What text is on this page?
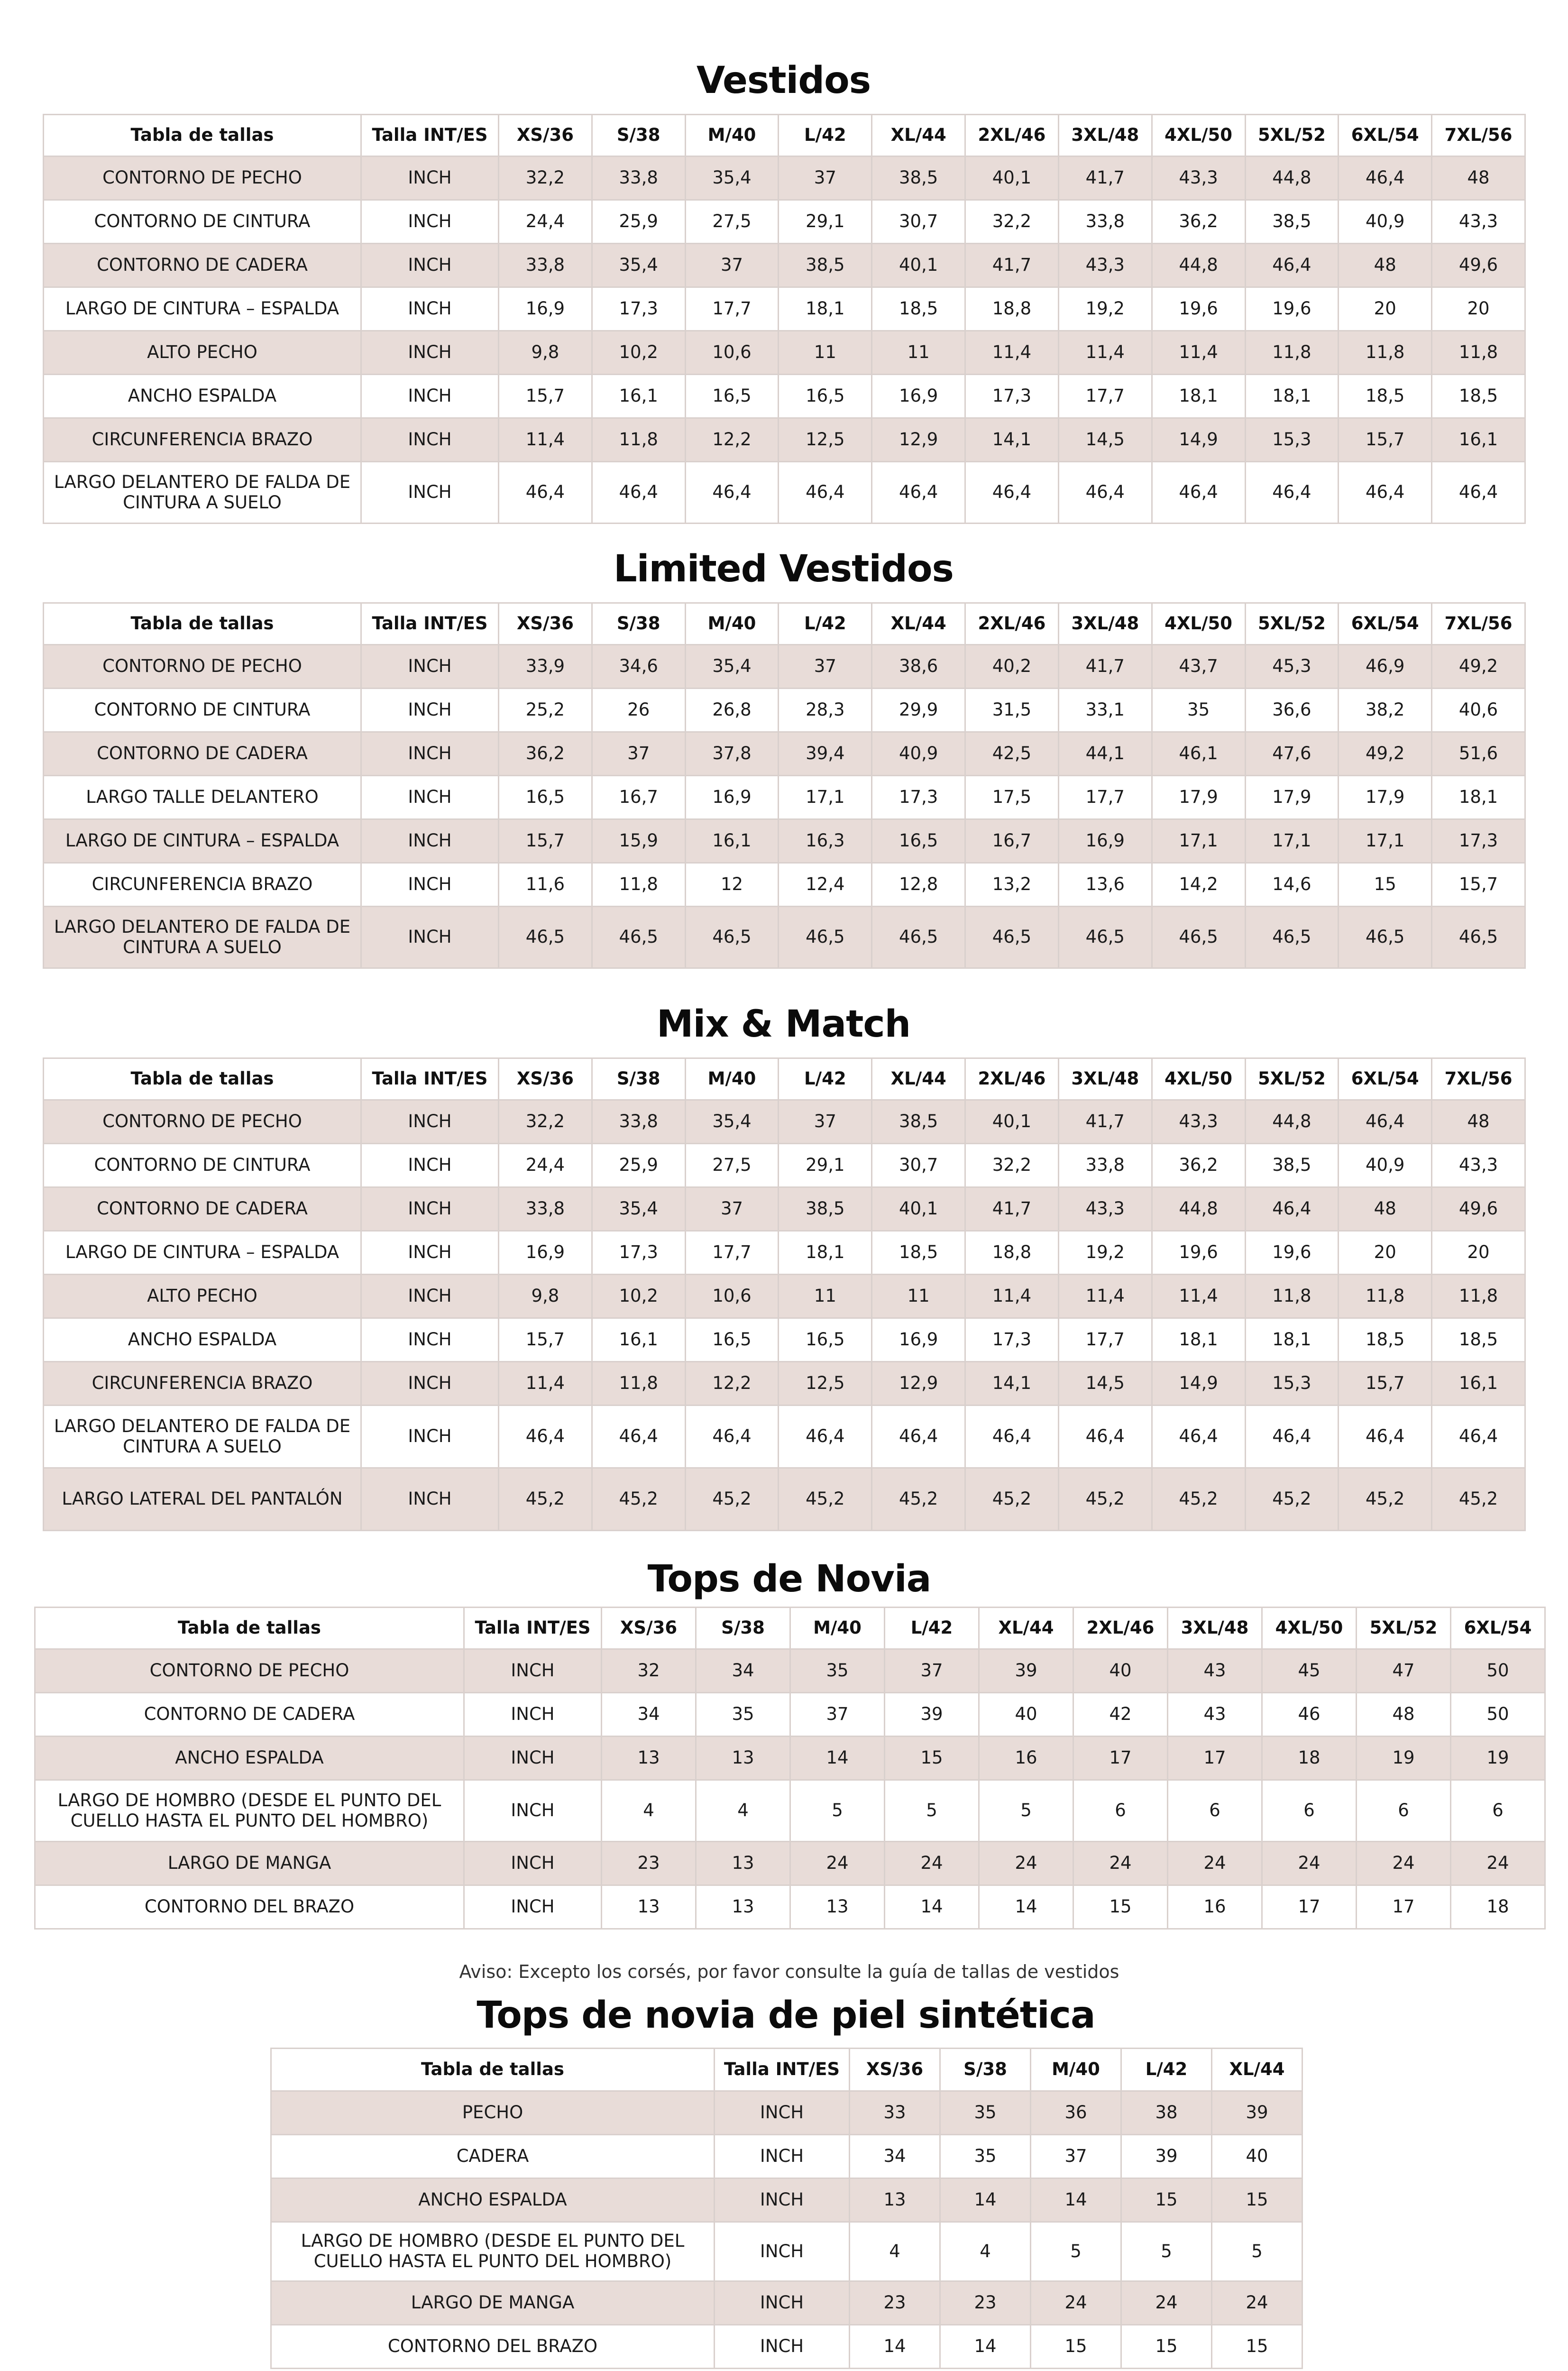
Vestidos
Tabla de tallas	Talla INT/ES	XS/36	S/38	M/40	L/42	XL/44	2XL/46	3XL/48	4XL/50	5XL/52	6XL/54	7XL/56
CONTORNO DE PECHO	INCH	32,2	33,8	35,4	37	38,5	40,1	41,7	43,3	44,8	46,4	48
CONTORNO DE CINTURA	INCH	24,4	25,9	27,5	29,1	30,7	32,2	33,8	36,2	38,5	40,9	43,3
CONTORNO DE CADERA	INCH	33,8	35,4	37	38,5	40,1	41,7	43,3	44,8	46,4	48	49,6
LARGO DE CINTURA – ESPALDA	INCH	16,9	17,3	17,7	18,1	18,5	18,8	19,2	19,6	19,6	20	20
ALTO PECHO	INCH	9,8	10,2	10,6	11	11	11,4	11,4	11,4	11,8	11,8	11,8
ANCHO ESPALDA	INCH	15,7	16,1	16,5	16,5	16,9	17,3	17,7	18,1	18,1	18,5	18,5
CIRCUNFERENCIA BRAZO	INCH	11,4	11,8	12,2	12,5	12,9	14,1	14,5	14,9	15,3	15,7	16,1
LARGO DELANTERO DE FALDA DE CINTURA A SUELO	INCH	46,4	46,4	46,4	46,4	46,4	46,4	46,4	46,4	46,4	46,4	46,4
Limited Vestidos
Tabla de tallas	Talla INT/ES	XS/36	S/38	M/40	L/42	XL/44	2XL/46	3XL/48	4XL/50	5XL/52	6XL/54	7XL/56
CONTORNO DE PECHO	INCH	33,9	34,6	35,4	37	38,6	40,2	41,7	43,7	45,3	46,9	49,2
CONTORNO DE CINTURA	INCH	25,2	26	26,8	28,3	29,9	31,5	33,1	35	36,6	38,2	40,6
CONTORNO DE CADERA	INCH	36,2	37	37,8	39,4	40,9	42,5	44,1	46,1	47,6	49,2	51,6
LARGO TALLE DELANTERO	INCH	16,5	16,7	16,9	17,1	17,3	17,5	17,7	17,9	17,9	17,9	18,1
LARGO DE CINTURA – ESPALDA	INCH	15,7	15,9	16,1	16,3	16,5	16,7	16,9	17,1	17,1	17,1	17,3
CIRCUNFERENCIA BRAZO	INCH	11,6	11,8	12	12,4	12,8	13,2	13,6	14,2	14,6	15	15,7
LARGO DELANTERO DE FALDA DE CINTURA A SUELO	INCH	46,5	46,5	46,5	46,5	46,5	46,5	46,5	46,5	46,5	46,5	46,5
Mix & Match
Tabla de tallas	Talla INT/ES	XS/36	S/38	M/40	L/42	XL/44	2XL/46	3XL/48	4XL/50	5XL/52	6XL/54	7XL/56
CONTORNO DE PECHO	INCH	32,2	33,8	35,4	37	38,5	40,1	41,7	43,3	44,8	46,4	48
CONTORNO DE CINTURA	INCH	24,4	25,9	27,5	29,1	30,7	32,2	33,8	36,2	38,5	40,9	43,3
CONTORNO DE CADERA	INCH	33,8	35,4	37	38,5	40,1	41,7	43,3	44,8	46,4	48	49,6
LARGO DE CINTURA – ESPALDA	INCH	16,9	17,3	17,7	18,1	18,5	18,8	19,2	19,6	19,6	20	20
ALTO PECHO	INCH	9,8	10,2	10,6	11	11	11,4	11,4	11,4	11,8	11,8	11,8
ANCHO ESPALDA	INCH	15,7	16,1	16,5	16,5	16,9	17,3	17,7	18,1	18,1	18,5	18,5
CIRCUNFERENCIA BRAZO	INCH	11,4	11,8	12,2	12,5	12,9	14,1	14,5	14,9	15,3	15,7	16,1
LARGO DELANTERO DE FALDA DE CINTURA A SUELO	INCH	46,4	46,4	46,4	46,4	46,4	46,4	46,4	46,4	46,4	46,4	46,4
LARGO LATERAL DEL PANTALÓN	INCH	45,2	45,2	45,2	45,2	45,2	45,2	45,2	45,2	45,2	45,2	45,2
Tops de Novia
Tabla de tallas	Talla INT/ES	XS/36	S/38	M/40	L/42	XL/44	2XL/46	3XL/48	4XL/50	5XL/52	6XL/54
CONTORNO DE PECHO	INCH	32	34	35	37	39	40	43	45	47	50
CONTORNO DE CADERA	INCH	34	35	37	39	40	42	43	46	48	50
ANCHO ESPALDA	INCH	13	13	14	15	16	17	17	18	19	19
LARGO DE HOMBRO (DESDE EL PUNTO DEL CUELLO HASTA EL PUNTO DEL HOMBRO)	INCH	4	4	5	5	5	6	6	6	6	6
LARGO DE MANGA	INCH	23	13	24	24	24	24	24	24	24	24
CONTORNO DEL BRAZO	INCH	13	13	13	14	14	15	16	17	17	18
Aviso: Excepto los corsés, por favor consulte la guía de tallas de vestidos
Tops de novia de piel sintética
Tabla de tallas	Talla INT/ES	XS/36	S/38	M/40	L/42	XL/44
PECHO	INCH	33	35	36	38	39
CADERA	INCH	34	35	37	39	40
ANCHO ESPALDA	INCH	13	14	14	15	15
LARGO DE HOMBRO (DESDE EL PUNTO DEL CUELLO HASTA EL PUNTO DEL HOMBRO)	INCH	4	4	5	5	5
LARGO DE MANGA	INCH	23	23	24	24	24
CONTORNO DEL BRAZO	INCH	14	14	15	15	15
